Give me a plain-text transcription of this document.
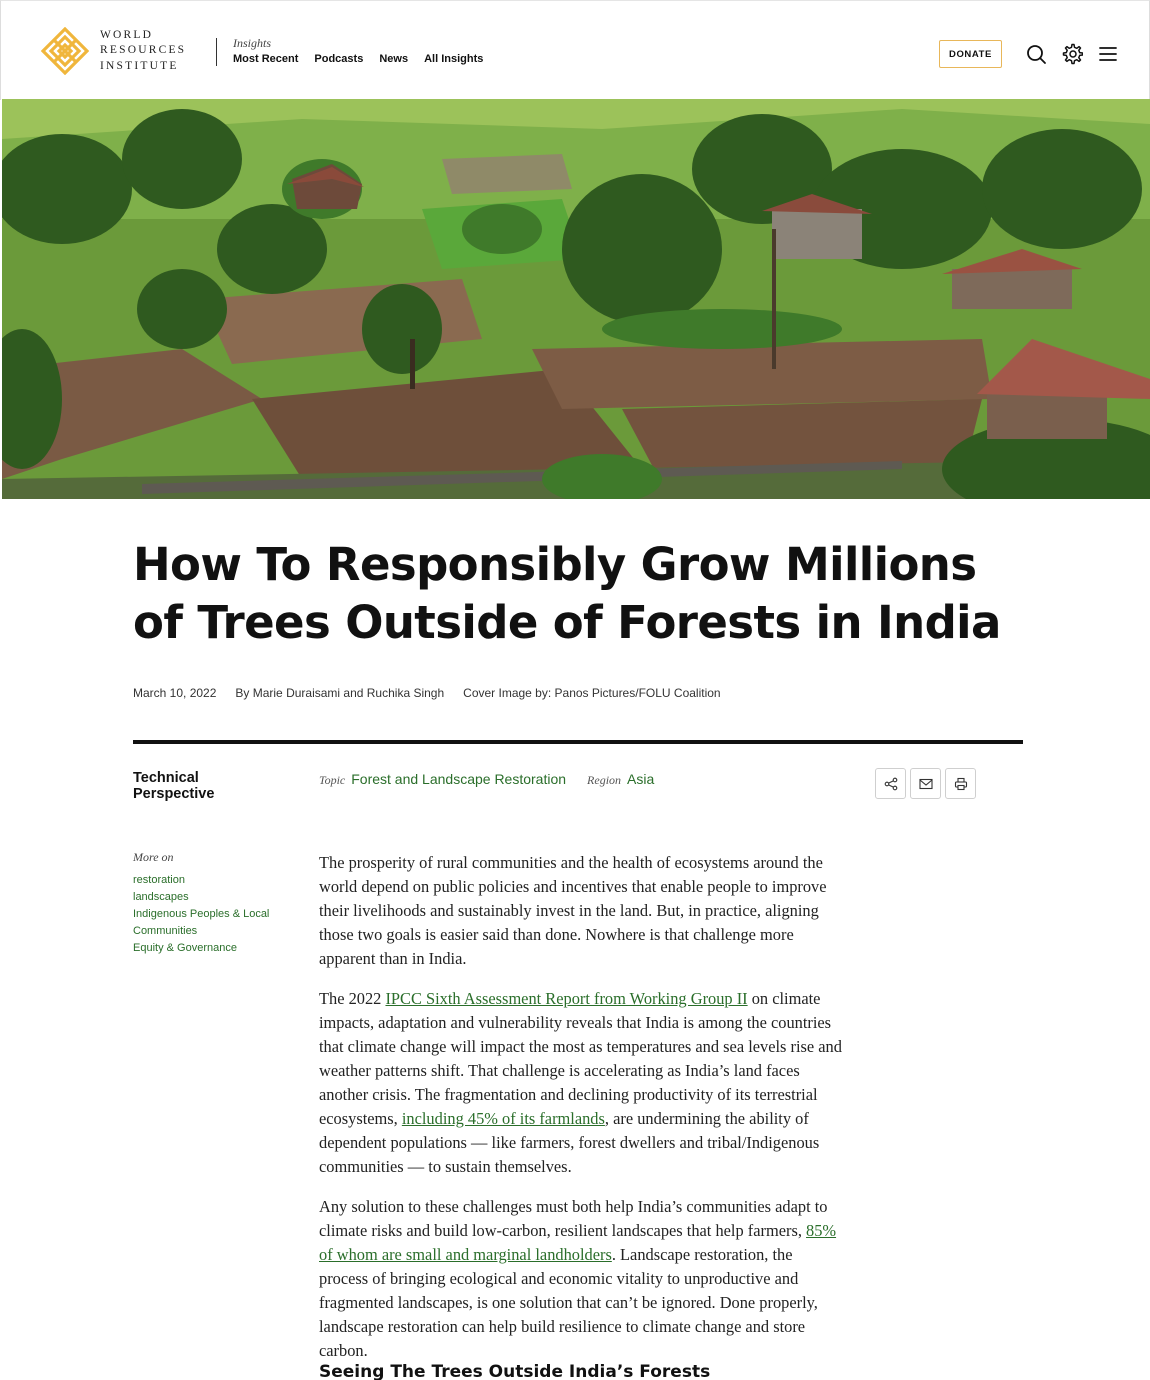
WORLD
RESOURCES
INSTITUTE
Insights
Most Recent Podcasts News All Insights	DONATE
How To Responsibly Grow Millions of Trees Outside of Forests in India
March 10, 2022 By Marie Duraisami and Ruchika Singh Cover Image by: Panos Pictures/FOLU Coalition
Technical Perspective
Topic Forest and Landscape Restoration Region Asia
More on
restoration
landscapes
Indigenous Peoples & Local Communities
Equity & Governance

The prosperity of rural communities and the health of ecosystems around the world depend on public policies and incentives that enable people to improve their livelihoods and sustainably invest in the land. But, in practice, aligning those two goals is easier said than done. Nowhere is that challenge more apparent than in India.

The 2022 IPCC Sixth Assessment Report from Working Group II on climate impacts, adaptation and vulnerability reveals that India is among the countries that climate change will impact the most as temperatures and sea levels rise and weather patterns shift. That challenge is accelerating as India’s land faces another crisis. The fragmentation and declining productivity of its terrestrial ecosystems, including 45% of its farmlands, are undermining the ability of dependent populations — like farmers, forest dwellers and tribal/Indigenous communities — to sustain themselves.

Any solution to these challenges must both help India’s communities adapt to climate risks and build low-carbon, resilient landscapes that help farmers, 85% of whom are small and marginal landholders. Landscape restoration, the process of bringing ecological and economic vitality to unproductive and fragmented landscapes, is one solution that can’t be ignored. Done properly, landscape restoration can help build resilience to climate change and store carbon.

Seeing The Trees Outside India’s Forests
